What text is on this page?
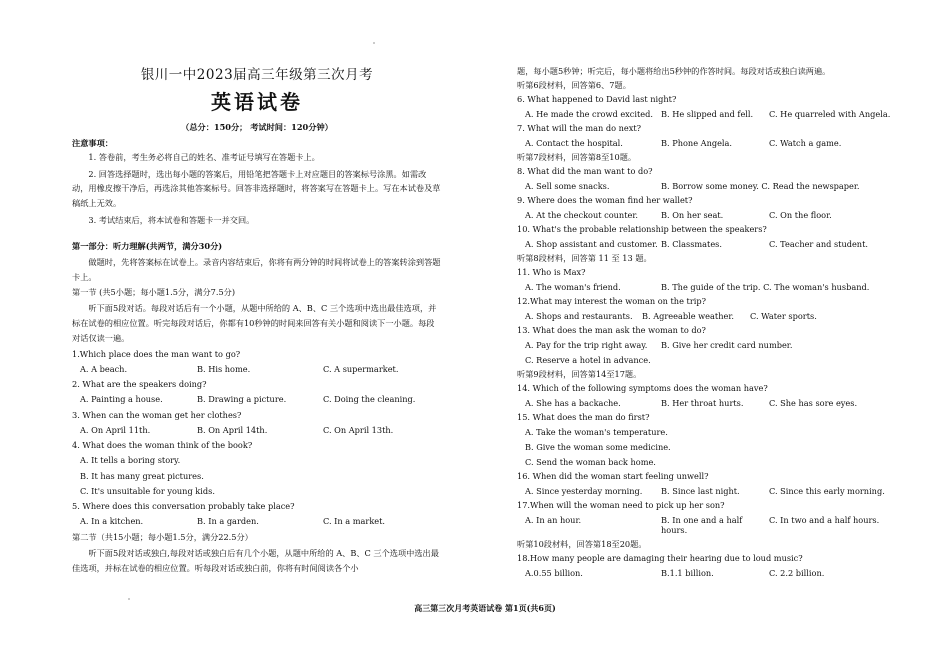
银川一中2023届高三年级第三次月考
英语试卷
（总分：150分； 考试时间：120分钟）

注意事项：

1. 答卷前，考生务必将自己的姓名、准考证号填写在答题卡上。

2. 回答选择题时，选出每小题的答案后，用铅笔把答题卡上对应题目的答案标号涂黑。如需改动，用橡皮擦干净后，再选涂其他答案标号。回答非选择题时，将答案写在答题卡上。写在本试卷及草稿纸上无效。

3. 考试结束后，将本试卷和答题卡一并交回。

第一部分：听力理解(共两节，满分30分)

做题时，先将答案标在试卷上。录音内容结束后，你将有两分钟的时间将试卷上的答案转涂到答题卡上。

第一节 (共5小题；每小题1.5分，满分7.5分)

听下面5段对话。每段对话后有一个小题，从题中所给的 A、B、C 三个选项中选出最佳选项，并标在试卷的相应位置。听完每段对话后，你都有10秒钟的时间来回答有关小题和阅读下一小题。每段对话仅读一遍。

1.Which place does the man want to go?

A. A beach.	B. His home.	C. A supermarket.

2. What are the speakers doing?

A. Painting a house.	B. Drawing a picture.	C. Doing the cleaning.

3. When can the woman get her clothes?

A. On April 11th.	B. On April 14th.	C. On April 13th.

4. What does the woman think of the book?

A. It tells a boring story.

B. It has many great pictures.

C. It's unsuitable for young kids.

5. Where does this conversation probably take place?

A. In a kitchen.	B. In a garden.	C. In a market.

第二节（共15小题；每小题1.5分，满分22.5分）

听下面5段对话或独白,每段对话或独白后有几个小题，从题中所给的 A、B、C 三个选项中选出最佳选项，并标在试卷的相应位置。听每段对话或独白前，你将有时间阅读各个小

题，每小题5秒钟；听完后，每小题将给出5秒钟的作答时间。每段对话或独白读两遍。

听第6段材料，回答第6、7题。

6. What happened to David last night?

A. He made the crowd excited. B. He slipped and fell.	C. He quarreled with Angela.

7. What will the man do next?

A. Contact the hospital.	B. Phone Angela.	C. Watch a game.

听第7段材料，回答第8至10题。

8. What did the man want to do?

A. Sell some snacks.	B. Borrow some money. C. Read the newspaper.

9. Where does the woman find her wallet?

A. At the checkout counter.	B. On her seat.	C. On the floor.

10. What's the probable relationship between the speakers?

A. Shop assistant and customer. B. Classmates.	C. Teacher and student.

听第8段材料，回答第 11 至 13 题。

11. Who is Max?

A. The woman's friend.	B. The guide of the trip. C. The woman's husband.

12.What may interest the woman on the trip?

A. Shops and restaurants.	B. Agreeable weather.	C. Water sports.

13. What does the man ask the woman to do?

A. Pay for the trip right away.	B. Give her credit card number.

C. Reserve a hotel in advance.

听第9段材料，回答第14至17题。

14. Which of the following symptoms does the woman have?

A. She has a backache.	B. Her throat hurts.	C. She has sore eyes.

15. What does the man do first?

A. Take the woman's temperature.

B. Give the woman some medicine.

C. Send the woman back home.

16. When did the woman start feeling unwell?

A. Since yesterday morning.	B. Since last night.	C. Since this early morning.

17.When will the woman need to pick up her son?

A. In an hour.	B. In one and a half hours.
C. In two and a half hours.

听第10段材料，回答第18至20题。

18.How many people are damaging their hearing due to loud music?

A.0.55 billion.	B.1.1 billion.	C. 2.2 billion.
高三第三次月考英语试卷 第1页(共6页)
